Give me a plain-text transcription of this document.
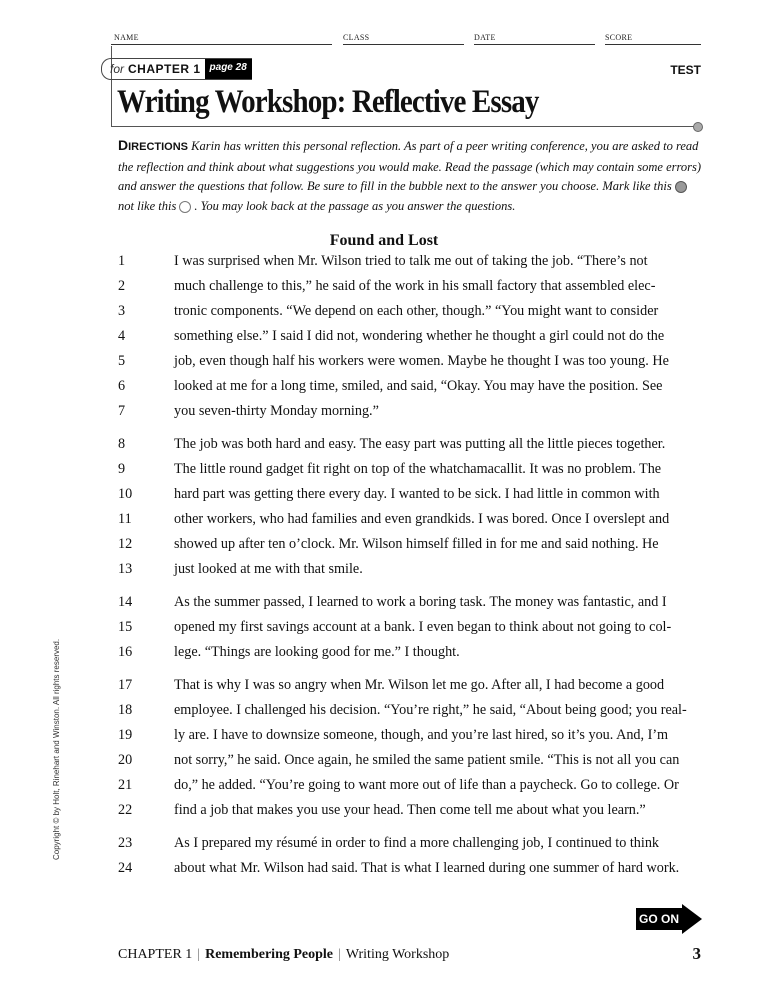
NAME	CLASS	DATE	SCORE
for CHAPTER 1 page 28	TEST
Writing Workshop: Reflective Essay
DIRECTIONS Karin has written this personal reflection. As part of a peer writing conference, you are asked to read the reflection and think about what suggestions you would make. Read the passage (which may contain some errors) and answer the questions that follow. Be sure to fill in the bubble next to the answer you choose. Mark like thisnot like this . You may look back at the passage as you answer the questions.
Found and Lost
1	I was surprised when Mr. Wilson tried to talk me out of taking the job. “There’s not
2	much challenge to this,” he said of the work in his small factory that assembled elec-
3	tronic components. “We depend on each other, though.” “You might want to consider
4	something else.” I said I did not, wondering whether he thought a girl could not do the
5	job, even though half his workers were women. Maybe he thought I was too young. He
6	looked at me for a long time, smiled, and said, “Okay. You may have the position. See
7	you seven-thirty Monday morning.”
8	The job was both hard and easy. The easy part was putting all the little pieces together.
9	The little round gadget fit right on top of the whatchamacallit. It was no problem. The
10	hard part was getting there every day. I wanted to be sick. I had little in common with
11	other workers, who had families and even grandkids. I was bored. Once I overslept and
12	showed up after ten o’clock. Mr. Wilson himself filled in for me and said nothing. He
13	just looked at me with that smile.
14	As the summer passed, I learned to work a boring task. The money was fantastic, and I
15	opened my first savings account at a bank. I even began to think about not going to col-
16	lege. “Things are looking good for me.” I thought.
17	That is why I was so angry when Mr. Wilson let me go. After all, I had become a good
18	employee. I challenged his decision. “You’re right,” he said, “About being good; you real-
19	ly are. I have to downsize someone, though, and you’re last hired, so it’s you. And, I’m
20	not sorry,” he said. Once again, he smiled the same patient smile. “This is not all you can
21	do,” he added. “You’re going to want more out of life than a paycheck. Go to college. Or
22	find a job that makes you use your head. Then come tell me about what you learn.”
23	As I prepared my résumé in order to find a more challenging job, I continued to think
24	about what Mr. Wilson had said. That is what I learned during one summer of hard work.
Copyright © by Holt, Rinehart and Winston. All rights reserved.
GO ON
CHAPTER 1 | Remembering People | Writing Workshop	3
